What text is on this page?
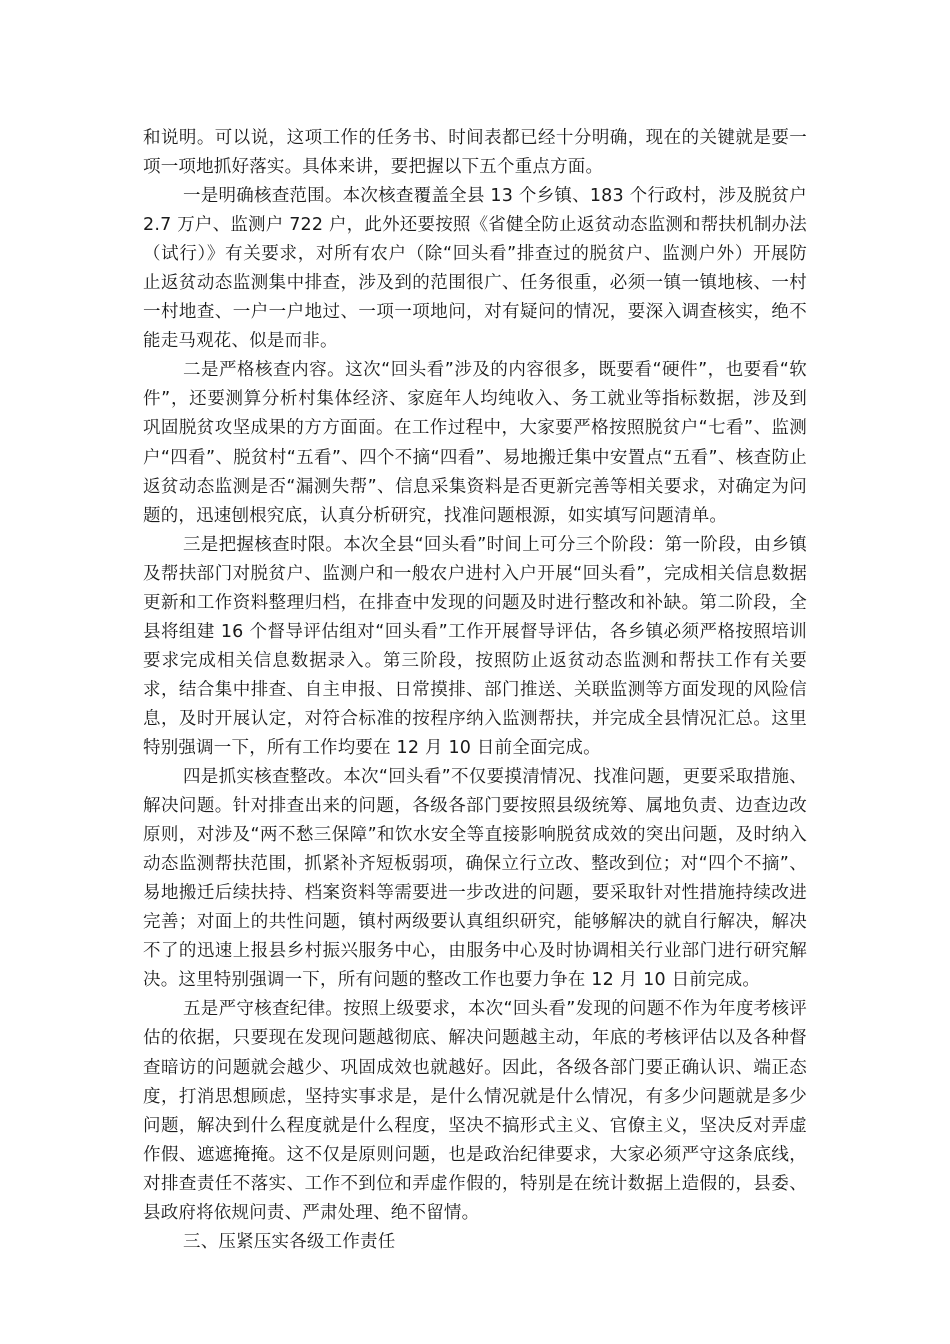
和说明。可以说，这项工作的任务书、时间表都已经十分明确，现在的关键就是要一项一项地抓好落实。具体来讲，要把握以下五个重点方面。

一是明确核查范围。本次核查覆盖全县 13 个乡镇、183 个行政村，涉及脱贫户 2.7 万户、监测户 722 户，此外还要按照《省健全防止返贫动态监测和帮扶机制办法（试行）》有关要求，对所有农户（除“回头看”排查过的脱贫户、监测户外）开展防止返贫动态监测集中排查，涉及到的范围很广、任务很重，必须一镇一镇地核、一村一村地查、一户一户地过、一项一项地问，对有疑问的情况，要深入调查核实，绝不能走马观花、似是而非。

二是严格核查内容。这次“回头看”涉及的内容很多，既要看“硬件”，也要看“软件”，还要测算分析村集体经济、家庭年人均纯收入、务工就业等指标数据，涉及到巩固脱贫攻坚成果的方方面面。在工作过程中，大家要严格按照脱贫户“七看”、监测户“四看”、脱贫村“五看”、四个不摘“四看”、易地搬迁集中安置点“五看”、核查防止返贫动态监测是否“漏测失帮”、信息采集资料是否更新完善等相关要求，对确定为问题的，迅速刨根究底，认真分析研究，找准问题根源，如实填写问题清单。

三是把握核查时限。本次全县“回头看”时间上可分三个阶段：第一阶段，由乡镇及帮扶部门对脱贫户、监测户和一般农户进村入户开展“回头看”，完成相关信息数据更新和工作资料整理归档，在排查中发现的问题及时进行整改和补缺。第二阶段，全县将组建 16 个督导评估组对“回头看”工作开展督导评估，各乡镇必须严格按照培训要求完成相关信息数据录入。第三阶段，按照防止返贫动态监测和帮扶工作有关要求，结合集中排查、自主申报、日常摸排、部门推送、关联监测等方面发现的风险信息，及时开展认定，对符合标准的按程序纳入监测帮扶，并完成全县情况汇总。这里特别强调一下，所有工作均要在 12 月 10 日前全面完成。

四是抓实核查整改。本次“回头看”不仅要摸清情况、找准问题，更要采取措施、解决问题。针对排查出来的问题，各级各部门要按照县级统筹、属地负责、边查边改原则，对涉及“两不愁三保障”和饮水安全等直接影响脱贫成效的突出问题，及时纳入动态监测帮扶范围，抓紧补齐短板弱项，确保立行立改、整改到位；对“四个不摘”、易地搬迁后续扶持、档案资料等需要进一步改进的问题，要采取针对性措施持续改进完善；对面上的共性问题，镇村两级要认真组织研究，能够解决的就自行解决，解决不了的迅速上报县乡村振兴服务中心，由服务中心及时协调相关行业部门进行研究解决。这里特别强调一下，所有问题的整改工作也要力争在 12 月 10 日前完成。

五是严守核查纪律。按照上级要求，本次“回头看”发现的问题不作为年度考核评估的依据，只要现在发现问题越彻底、解决问题越主动，年底的考核评估以及各种督查暗访的问题就会越少、巩固成效也就越好。因此，各级各部门要正确认识、端正态度，打消思想顾虑，坚持实事求是，是什么情况就是什么情况，有多少问题就是多少问题，解决到什么程度就是什么程度，坚决不搞形式主义、官僚主义，坚决反对弄虚作假、遮遮掩掩。这不仅是原则问题，也是政治纪律要求，大家必须严守这条底线，对排查责任不落实、工作不到位和弄虚作假的，特别是在统计数据上造假的，县委、县政府将依规问责、严肃处理、绝不留情。

三、压紧压实各级工作责任
